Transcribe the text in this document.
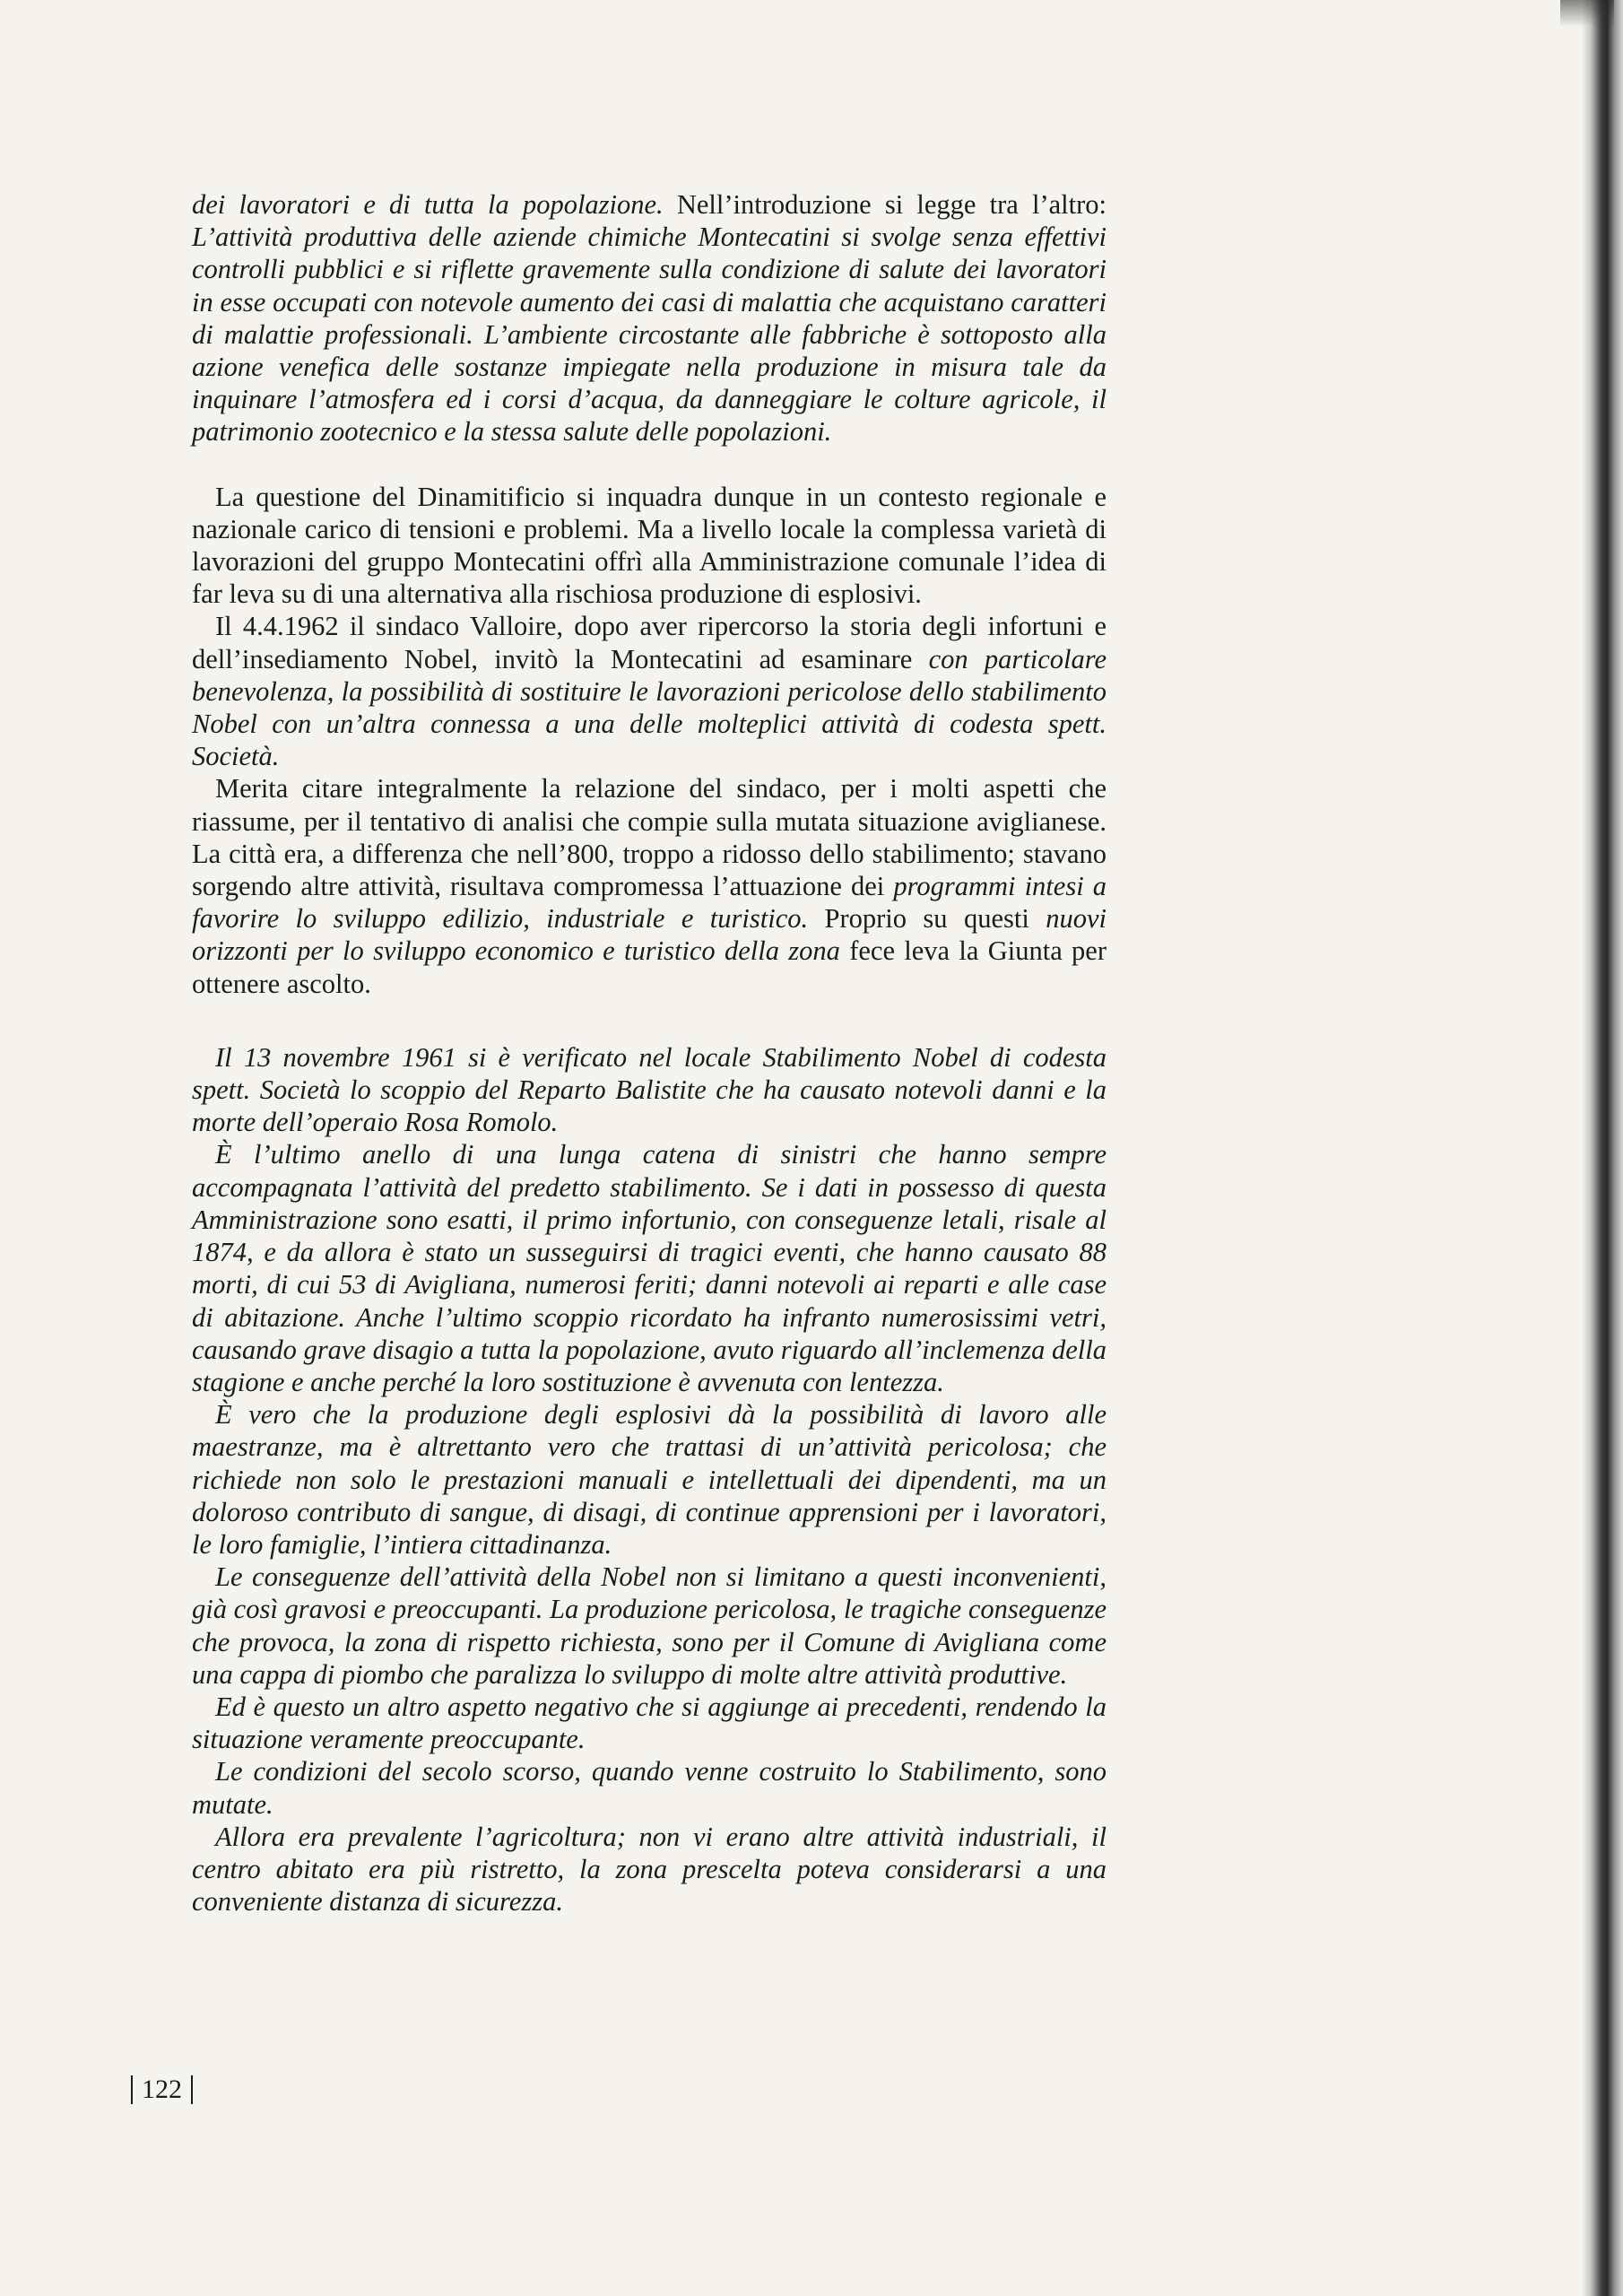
dei lavoratori e di tutta la popolazione. Nell’introduzione si legge tra l’altro: L’attività produttiva delle aziende chimiche Montecatini si svolge senza effettivi controlli pubblici e si riflette gravemente sulla condizione di salute dei lavoratori in esse occupati con notevole aumento dei casi di malattia che acquistano caratteri di malattie professionali. L’ambiente circostante alle fabbriche è sottoposto alla azione venefica delle sostanze impiegate nella produzione in misura tale da inquinare l’atmosfera ed i corsi d’acqua, da danneggiare le colture agricole, il patrimonio zootecnico e la stessa salute delle popolazioni.

La questione del Dinamitificio si inquadra dunque in un contesto regionale e nazionale carico di tensioni e problemi. Ma a livello locale la complessa varietà di lavorazioni del gruppo Montecatini offrì alla Amministrazione comunale l’idea di far leva su di una alternativa alla rischiosa produzione di esplosivi.

Il 4.4.1962 il sindaco Valloire, dopo aver ripercorso la storia degli infortuni e dell’insediamento Nobel, invitò la Montecatini ad esaminare con particolare benevolenza, la possibilità di sostituire le lavorazioni pericolose dello stabilimento Nobel con un’altra connessa a una delle molteplici attività di codesta spett. Società.

Merita citare integralmente la relazione del sindaco, per i molti aspetti che riassume, per il tentativo di analisi che compie sulla mutata situazione aviglianese. La città era, a differenza che nell’800, troppo a ridosso dello stabilimento; stavano sorgendo altre attività, risultava compromessa l’attuazione dei programmi intesi a favorire lo sviluppo edilizio, industriale e turistico. Proprio su questi nuovi orizzonti per lo sviluppo economico e turistico della zona fece leva la Giunta per ottenere ascolto.

Il 13 novembre 1961 si è verificato nel locale Stabilimento Nobel di codesta spett. Società lo scoppio del Reparto Balistite che ha causato notevoli danni e la morte dell’operaio Rosa Romolo.

È l’ultimo anello di una lunga catena di sinistri che hanno sempre accompagnata l’attività del predetto stabilimento. Se i dati in possesso di questa Amministrazione sono esatti, il primo infortunio, con conseguenze letali, risale al 1874, e da allora è stato un susseguirsi di tragici eventi, che hanno causato 88 morti, di cui 53 di Avigliana, numerosi feriti; danni notevoli ai reparti e alle case di abitazione. Anche l’ultimo scoppio ricordato ha infranto numerosissimi vetri, causando grave disagio a tutta la popolazione, avuto riguardo all’inclemenza della stagione e anche perché la loro sostituzione è avvenuta con lentezza.

È vero che la produzione degli esplosivi dà la possibilità di lavoro alle maestranze, ma è altrettanto vero che trattasi di un’attività pericolosa; che richiede non solo le prestazioni manuali e intellettuali dei dipendenti, ma un doloroso contributo di sangue, di disagi, di continue apprensioni per i lavoratori, le loro famiglie, l’intiera cittadinanza.

Le conseguenze dell’attività della Nobel non si limitano a questi inconvenienti, già così gravosi e preoccupanti. La produzione pericolosa, le tragiche conseguenze che provoca, la zona di rispetto richiesta, sono per il Comune di Avigliana come una cappa di piombo che paralizza lo sviluppo di molte altre attività produttive.

Ed è questo un altro aspetto negativo che si aggiunge ai precedenti, rendendo la situazione veramente preoccupante.

Le condizioni del secolo scorso, quando venne costruito lo Stabilimento, sono mutate.

Allora era prevalente l’agricoltura; non vi erano altre attività industriali, il centro abitato era più ristretto, la zona prescelta poteva considerarsi a una conveniente distanza di sicurezza.

122
